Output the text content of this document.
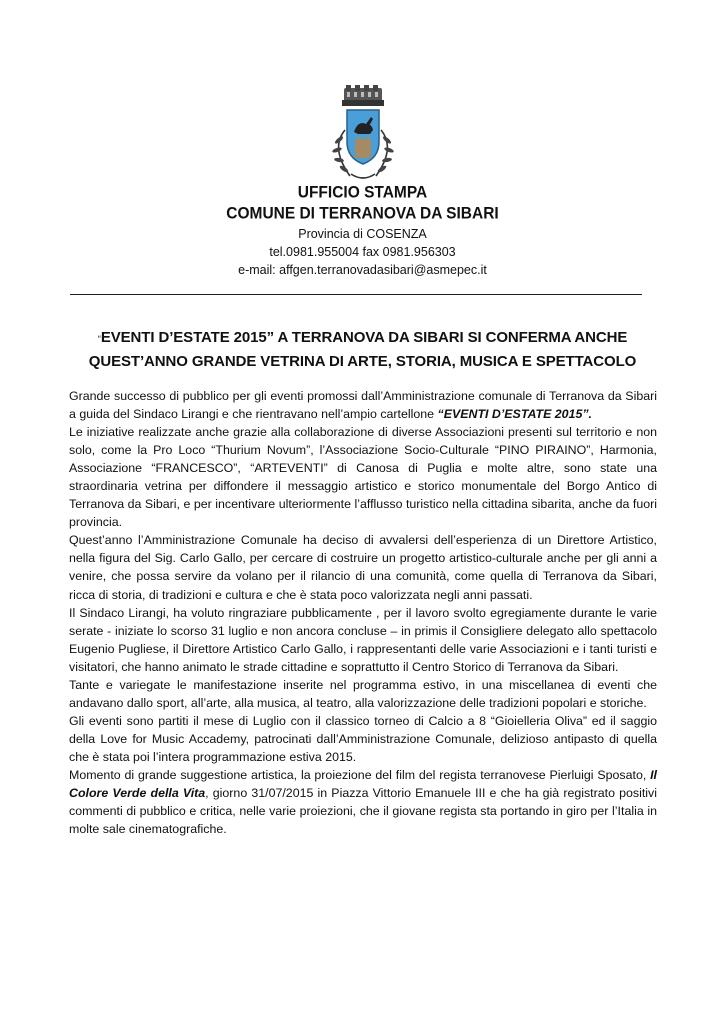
UFFICIO STAMPA
COMUNE DI TERRANOVA DA SIBARI
Provincia di COSENZA
tel.0981.955004 fax 0981.956303
e-mail: affgen.terranovadasibari@asmepec.it
“EVENTI D’ESTATE 2015” A TERRANOVA DA SIBARI SI CONFERMA ANCHE
QUEST’ANNO GRANDE VETRINA DI ARTE, STORIA, MUSICA E SPETTACOLO

Grande successo di pubblico per gli eventi promossi dall’Amministrazione comunale di Terranova da Sibari a guida del Sindaco Lirangi e che rientravano nell’ampio cartellone “EVENTI D’ESTATE 2015”.

Le iniziative realizzate anche grazie alla collaborazione di diverse Associazioni presenti sul territorio e non solo, come la Pro Loco “Thurium Novum”, l’Associazione Socio-Culturale “PINO PIRAINO”, Harmonia, Associazione “FRANCESCO”, “ARTEVENTI” di Canosa di Puglia e molte altre, sono state una straordinaria vetrina per diffondere il messaggio artistico e storico monumentale del Borgo Antico di Terranova da Sibari, e per incentivare ulteriormente l’afflusso turistico nella cittadina sibarita, anche da fuori provincia.

Quest’anno l’Amministrazione Comunale ha deciso di avvalersi dell’esperienza di un Direttore Artistico, nella figura del Sig. Carlo Gallo, per cercare di costruire un progetto artistico-culturale anche per gli anni a venire, che possa servire da volano per il rilancio di una comunità, come quella di Terranova da Sibari, ricca di storia, di tradizioni e cultura e che è stata poco valorizzata negli anni passati.

Il Sindaco Lirangi, ha voluto ringraziare pubblicamente , per il lavoro svolto egregiamente durante le varie serate - iniziate lo scorso 31 luglio e non ancora concluse – in primis il Consigliere delegato allo spettacolo Eugenio Pugliese, il Direttore Artistico Carlo Gallo, i rappresentanti delle varie Associazioni e i tanti turisti e visitatori, che hanno animato le strade cittadine e soprattutto il Centro Storico di Terranova da Sibari.

Tante e variegate le manifestazione inserite nel programma estivo, in una miscellanea di eventi che andavano dallo sport, all’arte, alla musica, al teatro, alla valorizzazione delle tradizioni popolari e storiche.

Gli eventi sono partiti il mese di Luglio con il classico torneo di Calcio a 8 “Gioielleria Oliva” ed il saggio della Love for Music Accademy, patrocinati dall’Amministrazione Comunale, delizioso antipasto di quella che è stata poi l’intera programmazione estiva 2015.

Momento di grande suggestione artistica, la proiezione del film del regista terranovese Pierluigi Sposato, Il Colore Verde della Vita, giorno 31/07/2015 in Piazza Vittorio Emanuele III e che ha già registrato positivi commenti di pubblico e critica, nelle varie proiezioni, che il giovane regista sta portando in giro per l’Italia in molte sale cinematografiche.
